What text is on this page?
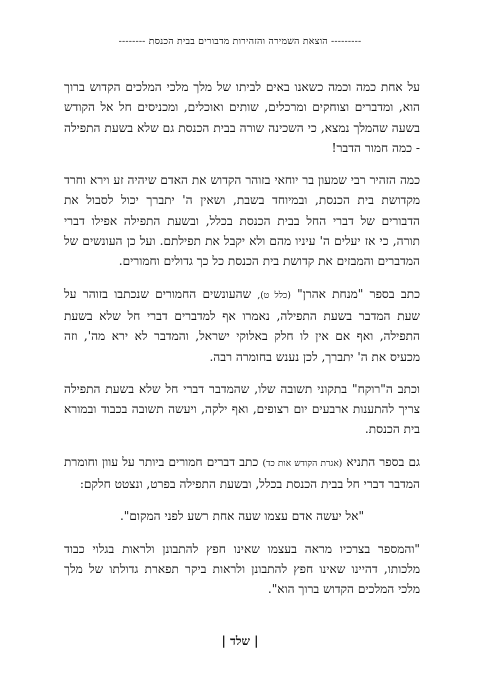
--------- הוצאת השמירה והזהירות מדבורים בבית הכנסת --------

על אחת כמה וכמה כשאנו באים לביתו של מלך מלכי המלכים הקדוש ברוך הוא, ומדברים וצוחקים ומרכלים, שותים ואוכלים, ומכניסים חל אל הקודש בשעה שהמלך נמצא, כי השכינה שורה בבית הכנסת גם שלא בשעת התפילה - כמה חמור הדבר!

כמה הזהיר רבי שמעון בר יוחאי בזוהר הקדוש את האדם שיהיה זע וירא וחרד מקדושת בית הכנסת, ובמיוחד בשבת, ושאין ה' יתברך יכול לסבול את הדבורים של דברי החל בבית הכנסת בכלל, ובשעת התפילה אפילו דברי תורה, כי אז יעלים ה' עיניו מהם ולא יקבל את תפילתם. ועל כן העונשים של המדברים והמבזים את קדושת בית הכנסת כל כך גדולים וחמורים.

כתב בספר "מנחת אהרן" (כלל ט), שהעונשים החמורים שנכתבו בזוהר על שעת המדבר בשעת התפילה, נאמרו אף למדברים דברי חל שלא בשעת התפילה, ואף אם אין לו חלק באלוקי ישראל, והמדבר לא ירא מה', וזה מכעיס את ה' יתברך, לכן נענש בחומרה רבה.

וכתב ה"רוקח" בתקוני תשובה שלו, שהמדבר דברי חל שלא בשעת התפילה צריך להתענות ארבעים יום רצופים, ואף ילקה, ויעשה תשובה בכבוד ובמורא בית הכנסת.

גם בספר התניא (אגרת הקודש אות כד) כתב דברים חמורים ביותר על עוון וחומרת המדבר דברי חל בבית הכנסת בכלל, ובשעת התפילה בפרט, ונצטט חלקם:

"אל יעשה אדם עצמו שעה אחת רשע לפני המקום".

"והמספר בצרכיו מראה בעצמו שאינו חפץ להתבונן ולראות בגלוי כבוד מלכותו, דהיינו שאינו חפץ להתבונן ולראות ביקר תפארת גדולתו של מלך מלכי המלכים הקדוש ברוך הוא".

| שלד |
